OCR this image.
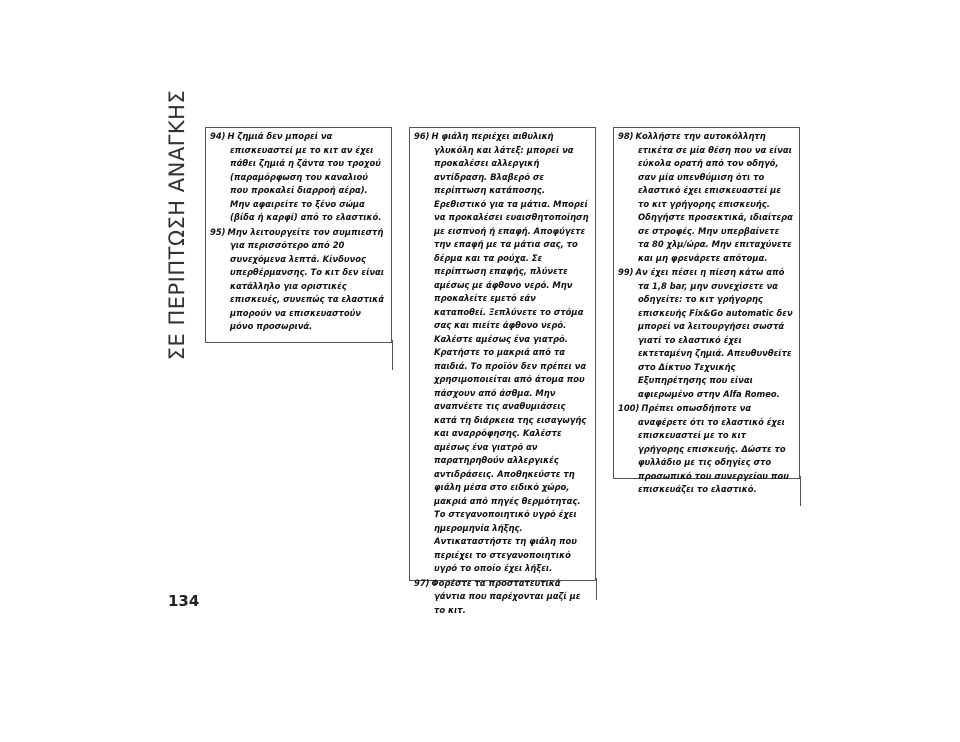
ΣΕ ΠΕΡΙΠΤΩΣΗ ΑΝΑΓΚΗΣ
134
94) Η ζημιά δεν μπορεί να
επισκευαστεί με το κιτ αν έχει πάθει ζημιά η ζάντα του τροχού (παραμόρφωση του καναλιού που προκαλεί διαρροή αέρα). Μην αφαιρείτε το ξένο σώμα (βίδα ή καρφί) από το ελαστικό.
95) Μην λειτουργείτε τον συμπιεστή
για περισσότερο από 20 συνεχόμενα λεπτά. Κίνδυνος υπερθέρμανσης. Το κιτ δεν είναι κατάλληλο για οριστικές επισκευές, συνεπώς τα ελαστικά μπορούν να επισκευαστούν μόνο προσωρινά.
96) Η φιάλη περιέχει αιθυλική
γλυκόλη και λάτεξ: μπορεί να προκαλέσει αλλεργική αντίδραση. Βλαβερό σε περίπτωση κατάποσης. Ερεθιστικό για τα μάτια. Μπορεί να προκαλέσει ευαισθητοποίηση με εισπνοή ή επαφή. Αποφύγετε την επαφή με τα μάτια σας, το δέρμα και τα ρούχα. Σε περίπτωση επαφής, πλύνετε αμέσως με άφθονο νερό. Μην προκαλείτε εμετό εάν καταποθεί. Ξεπλύνετε το στόμα σας και πιείτε άφθονο νερό. Καλέστε αμέσως ένα γιατρό. Κρατήστε το μακριά από τα παιδιά. Το προϊόν δεν πρέπει να χρησιμοποιείται από άτομα που πάσχουν από άσθμα. Μην αναπνέετε τις αναθυμιάσεις κατά τη διάρκεια της εισαγωγής και αναρρόφησης. Καλέστε αμέσως ένα γιατρό αν παρατηρηθούν αλλεργικές αντιδράσεις. Αποθηκεύστε τη φιάλη μέσα στο ειδικό χώρο, μακριά από πηγές θερμότητας. Το στεγανοποιητικό υγρό έχει ημερομηνία λήξης. Αντικαταστήστε τη φιάλη που περιέχει το στεγανοποιητικό υγρό το οποίο έχει λήξει.
97) Φορέστε τα προστατευτικά
γάντια που παρέχονται μαζί με το κιτ.
98) Κολλήστε την αυτοκόλλητη
ετικέτα σε μία θέση που να είναι εύκολα ορατή από τον οδηγό, σαν μία υπενθύμιση ότι το ελαστικό έχει επισκευαστεί με το κιτ γρήγορης επισκευής. Οδηγήστε προσεκτικά, ιδιαίτερα σε στροφές. Μην υπερβαίνετε τα 80 χλμ/ώρα. Μην επιταχύνετε και μη φρενάρετε απότομα.
99) Αν έχει πέσει η πίεση κάτω από
τα 1,8 bar, μην συνεχίσετε να οδηγείτε: το κιτ γρήγορης επισκευής Fix&Go automatic δεν μπορεί να λειτουργήσει σωστά γιατί το ελαστικό έχει εκτεταμένη ζημιά. Απευθυνθείτε στο Δίκτυο Τεχνικής Εξυπηρέτησης που είναι αφιερωμένο στην Alfa Romeo.
100) Πρέπει οπωσδήποτε να
αναφέρετε ότι το ελαστικό έχει επισκευαστεί με το κιτ γρήγορης επισκευής. Δώστε το φυλλάδιο με τις οδηγίες στο προσωπικό του συνεργείου που επισκευάζει το ελαστικό.
